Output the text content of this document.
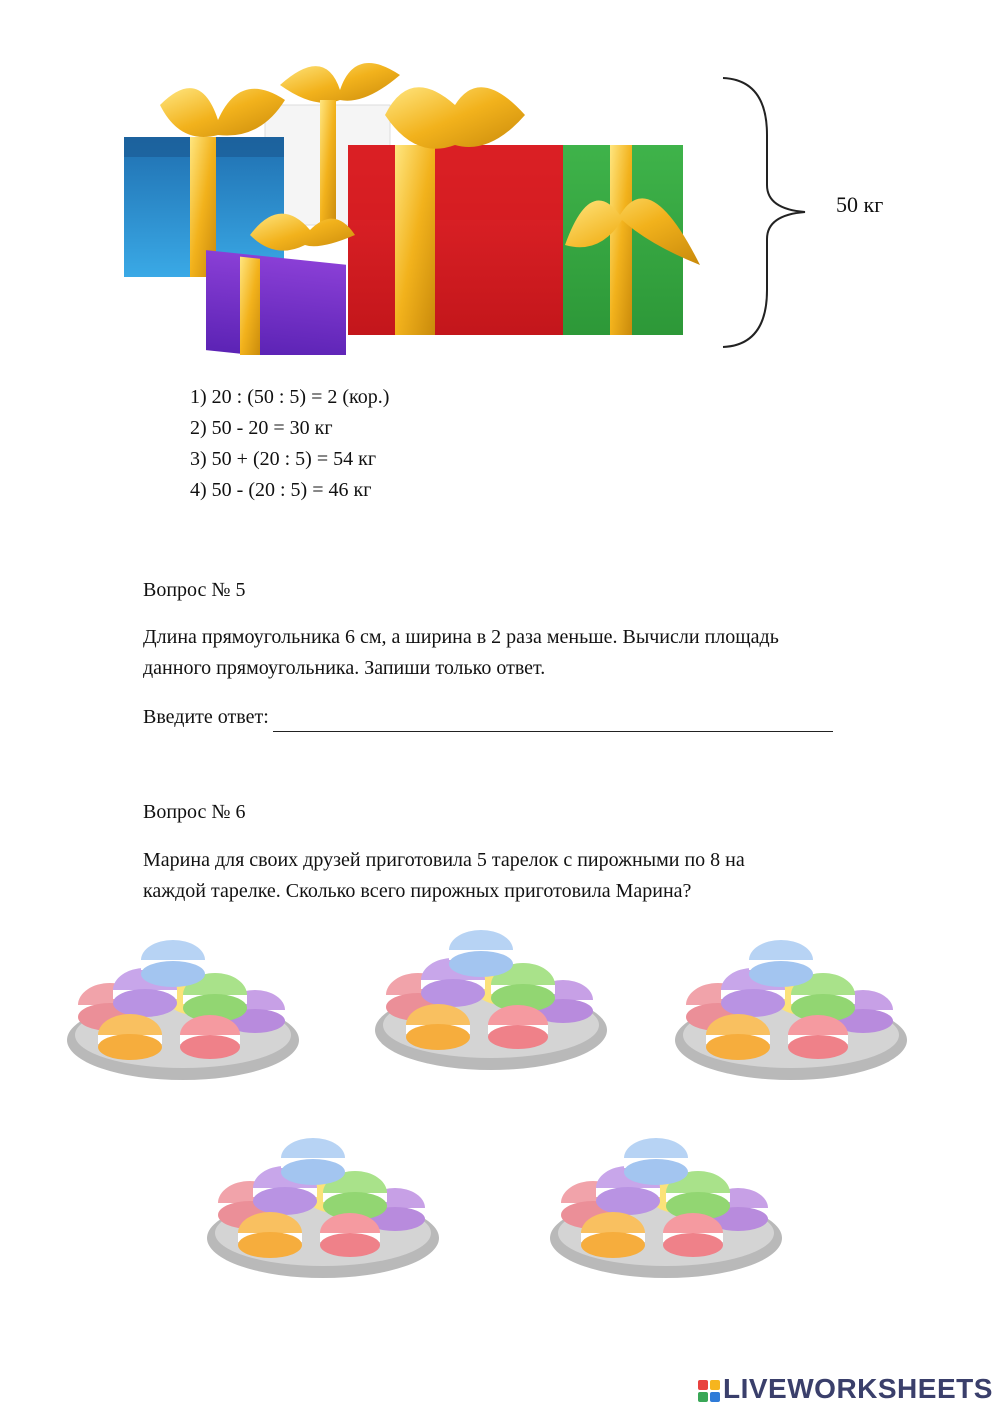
50 кг
1) 20 : (50 : 5) = 2 (кор.)
2) 50 - 20 = 30 кг
3) 50 + (20 : 5) = 54 кг
4) 50 - (20 : 5) = 46 кг
Вопрос № 5
Длина прямоугольника 6 см, а ширина в 2 раза меньше. Вычисли площадь
данного прямоугольника. Запиши только ответ.
Введите ответ:
Вопрос № 6
Марина для своих друзей приготовила 5 тарелок с пирожными по 8 на
каждой тарелке. Сколько всего пирожных приготовила Марина?
LIVEWORKSHEETS
